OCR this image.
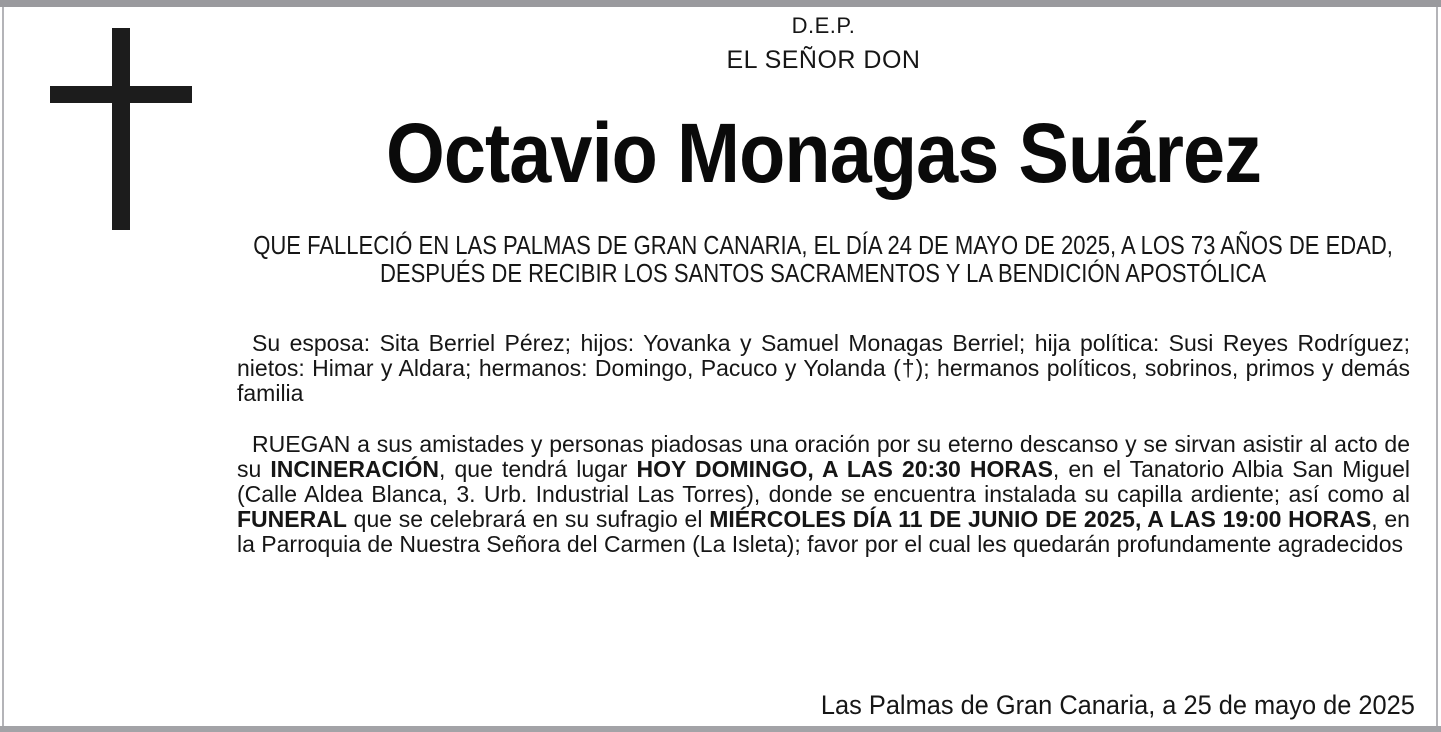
D.E.P.
EL SEÑOR DON
Octavio Monagas Suárez
QUE FALLECIÓ EN LAS PALMAS DE GRAN CANARIA, EL DÍA 24 DE MAYO DE 2025, A LOS 73 AÑOS DE EDAD, DESPUÉS DE RECIBIR LOS SANTOS SACRAMENTOS Y LA BENDICIÓN APOSTÓLICA
Su esposa: Sita Berriel Pérez; hijos: Yovanka y Samuel Monagas Berriel; hija política: Susi Reyes Rodríguez; nietos: Himar y Aldara; hermanos: Domingo, Pacuco y Yolanda (†); hermanos políticos, sobrinos, primos y demás familia

RUEGAN a sus amistades y personas piadosas una oración por su eterno descanso y se sirvan asistir al acto de su INCINERACIÓN, que tendrá lugar HOY DOMINGO, A LAS 20:30 HORAS, en el Tanatorio Albia San Miguel (Calle Aldea Blanca, 3. Urb. Industrial Las Torres), donde se encuentra instalada su capilla ardiente; así como al FUNERAL que se celebrará en su sufragio el MIÉRCOLES DÍA 11 DE JUNIO DE 2025, A LAS 19:00 HORAS, en la Parroquia de Nuestra Señora del Carmen (La Isleta); favor por el cual les quedarán profundamente agradecidos

Las Palmas de Gran Canaria, a 25 de mayo de 2025
